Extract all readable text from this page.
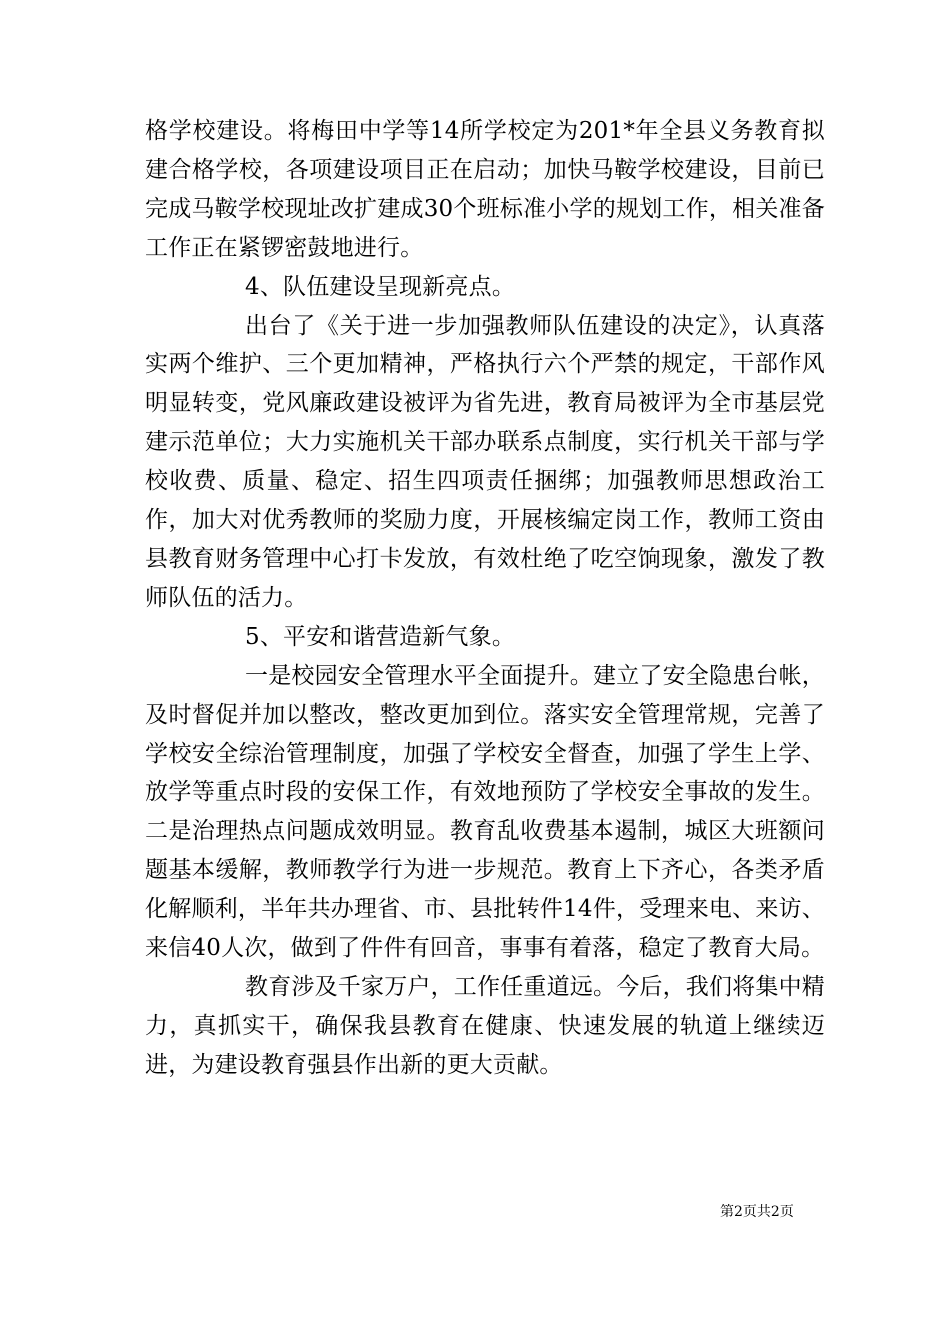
格学校建设。将梅田中学等14所学校定为201*年全县义务教育拟建合格学校，各项建设项目正在启动；加快马鞍学校建设，目前已完成马鞍学校现址改扩建成30个班标准小学的规划工作，相关准备工作正在紧锣密鼓地进行。

4、队伍建设呈现新亮点。

出台了《关于进一步加强教师队伍建设的决定》，认真落实两个维护、三个更加精神，严格执行六个严禁的规定，干部作风明显转变，党风廉政建设被评为省先进，教育局被评为全市基层党建示范单位；大力实施机关干部办联系点制度，实行机关干部与学校收费、质量、稳定、招生四项责任捆绑；加强教师思想政治工作，加大对优秀教师的奖励力度，开展核编定岗工作，教师工资由县教育财务管理中心打卡发放，有效杜绝了吃空饷现象，激发了教师队伍的活力。

5、平安和谐营造新气象。

一是校园安全管理水平全面提升。建立了安全隐患台帐，及时督促并加以整改，整改更加到位。落实安全管理常规，完善了学校安全综治管理制度，加强了学校安全督查，加强了学生上学、放学等重点时段的安保工作，有效地预防了学校安全事故的发生。二是治理热点问题成效明显。教育乱收费基本遏制，城区大班额问题基本缓解，教师教学行为进一步规范。教育上下齐心，各类矛盾化解顺利，半年共办理省、市、县批转件14件，受理来电、来访、来信40人次，做到了件件有回音，事事有着落，稳定了教育大局。

教育涉及千家万户，工作任重道远。今后，我们将集中精力，真抓实干，确保我县教育在健康、快速发展的轨道上继续迈进，为建设教育强县作出新的更大贡献。

第2页共2页
